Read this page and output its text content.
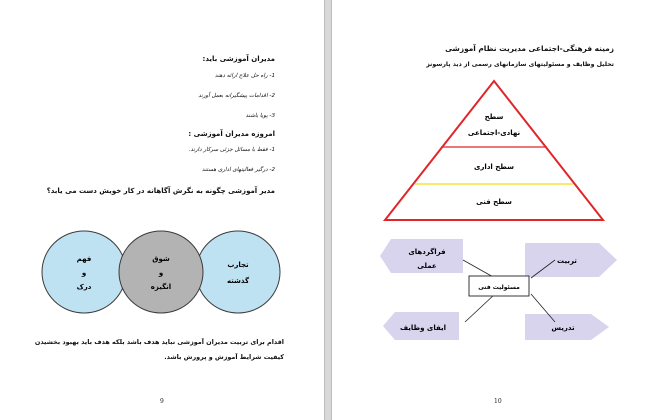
مدیران آموزشی باید:
1- راه حل علاج ارائه دهند
2- اقدامات پیشگیرانه بعمل آورند
3- پویا باشند
امروزه مدیران آموزشی :
1- فقط با مسائل جزئی سرکار دارند.
2- درگیر فعالیتهای اداری هستند
مدیر آموزشی چگونه به نگرش آگاهانه در کار خویش دست می یابد؟
فهم
و
درک
شوق
و
انگیزه
تجارب
گذشته
اقدام برای تربیت مدیران آموزشی نباید هدف باشد بلکه هدف باید بهبود بخشیدن
کیفیت شرایط آموزش و پرورش باشد.
9
زمینه فرهنگی-اجتماعی مدیریت نظام آموزشی
تحلیل وظایف و مسئولیتهای سازمانهای رسمی از دید پارسونز
سطح
نهادی-اجتماعی
سطح اداری
سطح فنی
مسئولیت فنی
فراگردهای
عملی
تربیت
ایفای وظایف	تدریس
10
